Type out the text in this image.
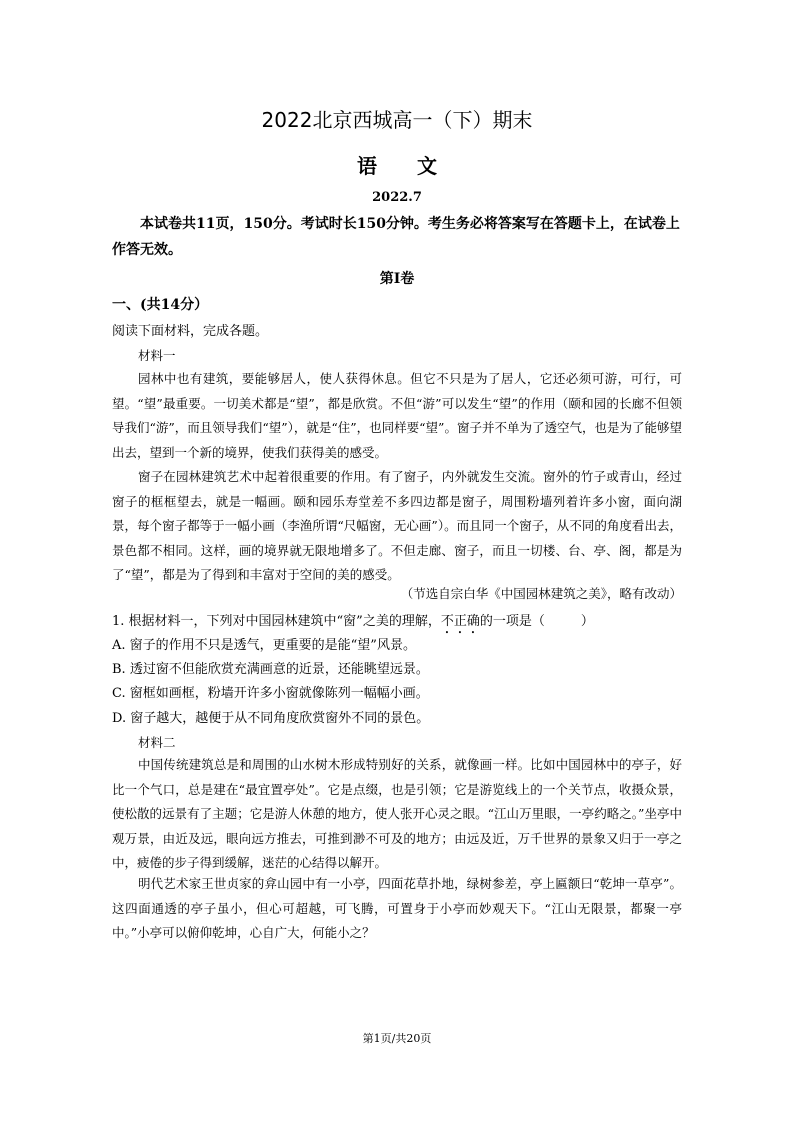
2022北京西城高一（下）期末
语文
2022.7

本试卷共11页，150分。考试时长150分钟。考生务必将答案写在答题卡上，在试卷上作答无效。

第Ⅰ卷
一、(共14分）
阅读下面材料，完成各题。
材料一

园林中也有建筑，要能够居人，使人获得休息。但它不只是为了居人，它还必须可游，可行，可望。“望”最重要。一切美术都是“望”，都是欣赏。不但“游”可以发生“望”的作用（颐和园的长廊不但领导我们“游”，而且领导我们“望”），就是“住”，也同样要“望”。窗子并不单为了透空气，也是为了能够望出去，望到一个新的境界，使我们获得美的感受。

窗子在园林建筑艺术中起着很重要的作用。有了窗子，内外就发生交流。窗外的竹子或青山，经过窗子的框框望去，就是一幅画。颐和园乐寿堂差不多四边都是窗子，周围粉墙列着许多小窗，面向湖景，每个窗子都等于一幅小画（李渔所谓“尺幅窗，无心画”）。而且同一个窗子，从不同的角度看出去，景色都不相同。这样，画的境界就无限地增多了。不但走廊、窗子，而且一切楼、台、亭、阁，都是为了“望”，都是为了得到和丰富对于空间的美的感受。

（节选自宗白华《中国园林建筑之美》，略有改动）
1. 根据材料一，下列对中国园林建筑中“窗”之美的理解，不正确的一项是（	）
A. 窗子的作用不只是透气，更重要的是能“望”风景。
B. 透过窗不但能欣赏充满画意的近景，还能眺望远景。
C. 窗框如画框，粉墙开许多小窗就像陈列一幅幅小画。
D. 窗子越大，越便于从不同角度欣赏窗外不同的景色。
材料二

中国传统建筑总是和周围的山水树木形成特别好的关系，就像画一样。比如中国园林中的亭子，好比一个气口，总是建在“最宜置亭处”。它是点缀，也是引领；它是游览线上的一个关节点，收摄众景，使松散的远景有了主题；它是游人休憩的地方，使人张开心灵之眼。“江山万里眼，一亭约略之。”坐亭中观万景，由近及远，眼向远方推去，可推到渺不可及的地方；由远及近，万千世界的景象又归于一亭之中，疲倦的步子得到缓解，迷茫的心结得以解开。

明代艺术家王世贞家的弇山园中有一小亭，四面花草扑地，绿树参差，亭上匾额曰“乾坤一草亭”。这四面通透的亭子虽小，但心可超越，可飞腾，可置身于小亭而妙观天下。“江山无限景，都聚一亭中。”小亭可以俯仰乾坤，心自广大，何能小之？

第1页/共20页
